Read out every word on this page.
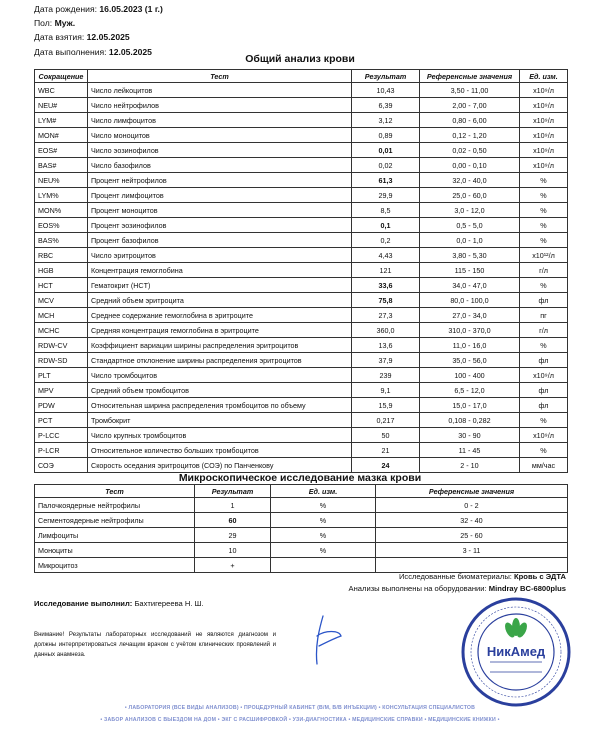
Дата рождения: 16.05.2023 (1 г.)
Пол: Муж.
Дата взятия: 12.05.2025
Дата выполнения: 12.05.2025
Общий анализ крови
Сокращение	Тест	Результат	Референсные значения	Ед. изм.
WBC	Число лейкоцитов	10,43	3,50 - 11,00	x10⁹/л
NEU#	Число нейтрофилов	6,39	2,00 - 7,00	x10⁹/л
LYM#	Число лимфоцитов	3,12	0,80 - 6,00	x10⁹/л
MON#	Число моноцитов	0,89	0,12 - 1,20	x10⁹/л
EOS#	Число эозинофилов	0,01	0,02 - 0,50	x10⁹/л
BAS#	Число базофилов	0,02	0,00 - 0,10	x10⁹/л
NEU%	Процент нейтрофилов	61,3	32,0 - 40,0	%
LYM%	Процент лимфоцитов	29,9	25,0 - 60,0	%
MON%	Процент моноцитов	8,5	3,0 - 12,0	%
EOS%	Процент эозинофилов	0,1	0,5 - 5,0	%
BAS%	Процент базофилов	0,2	0,0 - 1,0	%
RBC	Число эритроцитов	4,43	3,80 - 5,30	x10¹²/л
HGB	Концентрация гемоглобина	121	115 - 150	г/л
HCT	Гематокрит (HCT)	33,6	34,0 - 47,0	%
MCV	Средний объем эритроцита	75,8	80,0 - 100,0	фл
MCH	Среднее содержание гемоглобина в эритроците	27,3	27,0 - 34,0	пг
MCHC	Средняя концентрация гемоглобина в эритроците	360,0	310,0 - 370,0	г/л
RDW-CV	Коэффициент вариации ширины распределения эритроцитов	13,6	11,0 - 16,0	%
RDW-SD	Стандартное отклонение ширины распределения эритроцитов	37,9	35,0 - 56,0	фл
PLT	Число тромбоцитов	239	100 - 400	x10⁹/л
MPV	Средний объем тромбоцитов	9,1	6,5 - 12,0	фл
PDW	Относительная ширина распределения тромбоцитов по объему	15,9	15,0 - 17,0	фл
PCT	Тромбокрит	0,217	0,108 - 0,282	%
P-LCC	Число крупных тромбоцитов	50	30 - 90	x10⁹/л
P-LCR	Относительное количество больших тромбоцитов	21	11 - 45	%
СОЭ	Скорость оседания эритроцитов (СОЭ) по Панченкову	24	2 - 10	мм/час
Микроскопическое исследование мазка крови
Тест	Результат	Ед. изм.	Референсные значения
Палочкоядерные нейтрофилы	1	%	0 - 2
Сегментоядерные нейтрофилы	60	%	32 - 40
Лимфоциты	29	%	25 - 60
Моноциты	10	%	3 - 11
Микроцитоз	+		
Исследованные биоматериалы: Кровь с ЭДТА
Анализы выполнены на оборудовании: Mindray BC-6800plus
Исследование выполнил: Бахтигереева Н. Ш.
Внимание! Результаты лабораторных исследований не являются диагнозом и должны интерпретироваться лечащим врачом с учётом клинических проявлений и данных анамнеза.	НикАмед
• ЛАБОРАТОРИЯ (ВСЕ ВИДЫ АНАЛИЗОВ) • ПРОЦЕДУРНЫЙ КАБИНЕТ (В/М, В/В ИНЪЕКЦИИ) • КОНСУЛЬТАЦИЯ СПЕЦИАЛИСТОВ
• ЗАБОР АНАЛИЗОВ С ВЫЕЗДОМ НА ДОМ • ЭКГ С РАСШИФРОВКОЙ • УЗИ-ДИАГНОСТИКА • МЕДИЦИНСКИЕ СПРАВКИ • МЕДИЦИНСКИЕ КНИЖКИ •
